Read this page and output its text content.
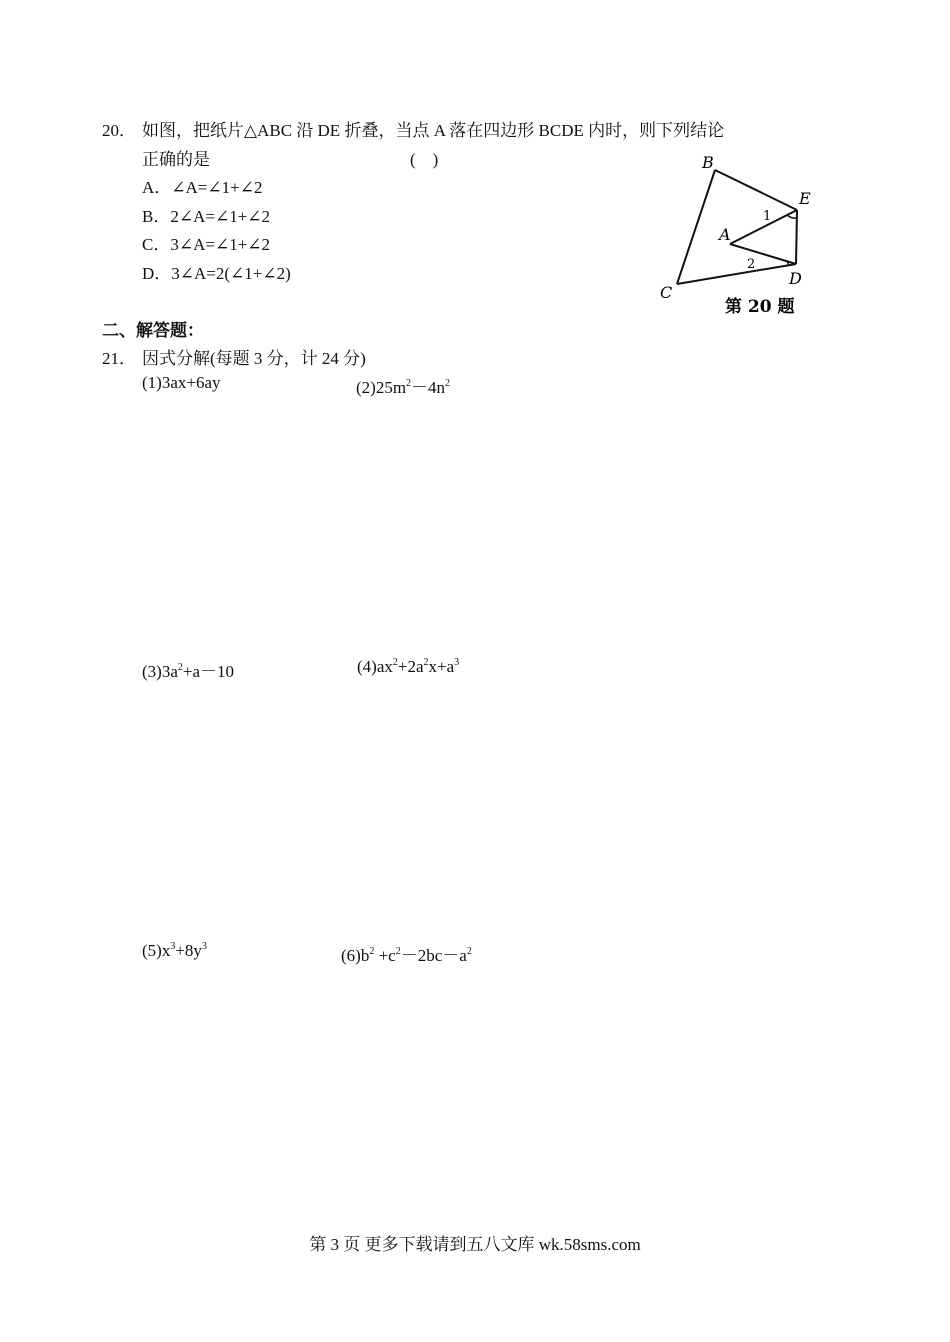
20． 如图，把纸片△ABC 沿 DE 折叠，当点 A 落在四边形 BCDE 内时，则下列结论
正确的是	(　)
A．∠A=∠1+∠2
B．2∠A=∠1+∠2
C．3∠A=∠1+∠2
D．3∠A=2(∠1+∠2)
B
E
A
D
C
1
2
第 20 题
二、解答题：
21． 因式分解(每题 3 分，计 24 分)
(1)3ax+6ay	$(2)25m^2-4n^2$
$(3)3a^2+a-10$	$(4)ax^2+2a^2x+a^3$
$(5)x^3+8y^3$	$(6)b^2 +c^2-2bc-a^2$
第 3 页 更多下载请到五八文库 wk.58sms.com
